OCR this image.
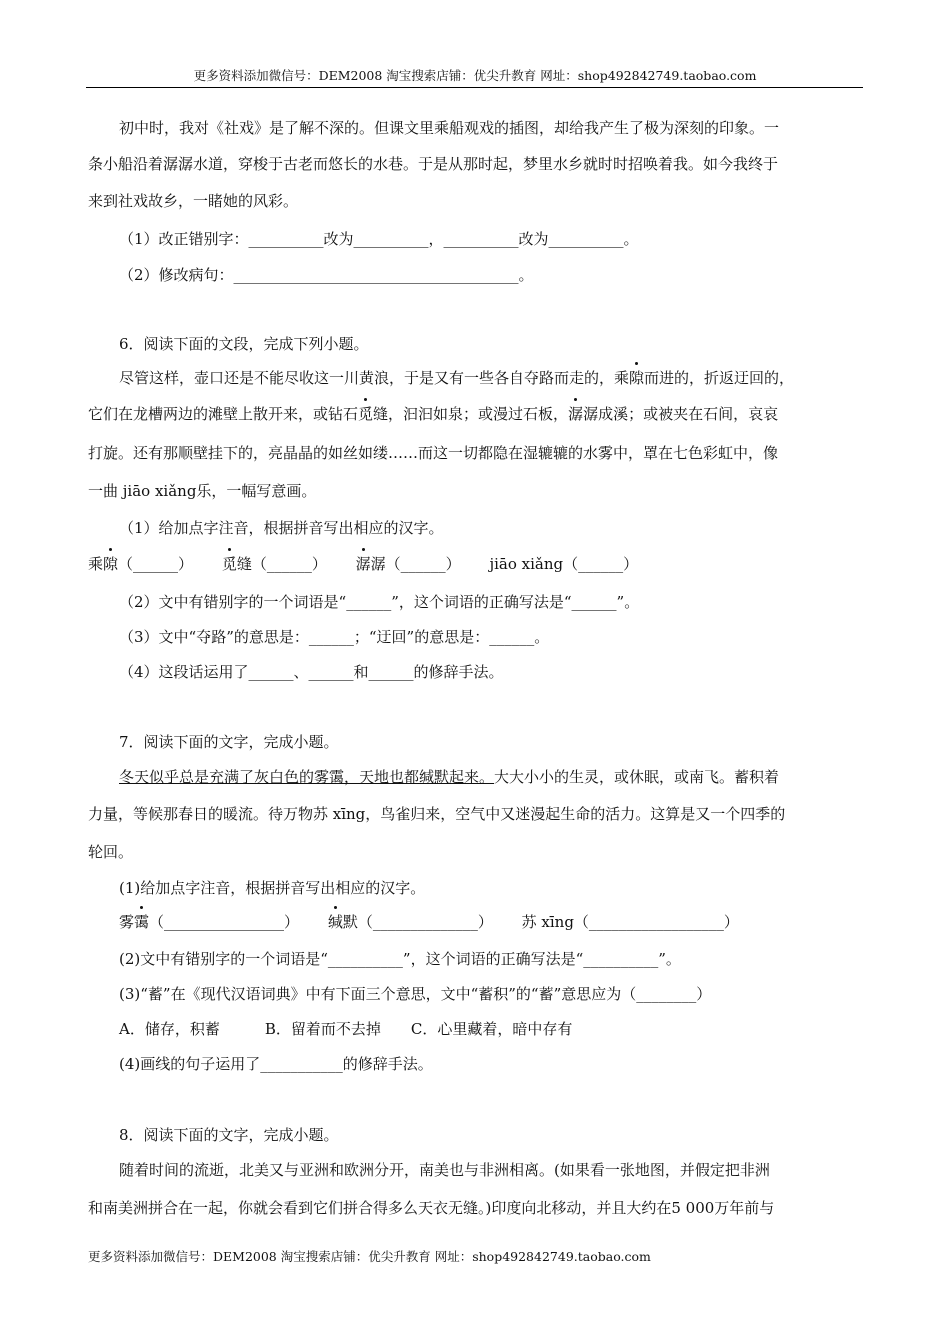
更多资料添加微信号：DEM2008 淘宝搜索店铺：优尖升教育 网址：shop492842749.taobao.com
初中时，我对《社戏》是了解不深的。但课文里乘船观戏的插图，却给我产生了极为深刻的印象。一
条小船沿着潺潺水道，穿梭于古老而悠长的水巷。于是从那时起，梦里水乡就时时招唤着我。如今我终于
来到社戏故乡，一睹她的风彩。
（1）改正错别字：__________改为__________，__________改为__________。
（2）修改病句：______________________________________。
6．阅读下面的文段，完成下列小题。
尽管这样，壶口还是不能尽收这一川黄浪，于是又有一些各自夺路而走的，乘隙而进的，折返迂回的，
它们在龙槽两边的滩壁上散开来，或钻石觅缝，汩汩如泉；或漫过石板，潺潺成溪；或被夹在石间，哀哀
打旋。还有那顺壁挂下的，亮晶晶的如丝如缕……而这一切都隐在湿辘辘的水雾中，罩在七色彩虹中，像
一曲 jiāo xiǎng乐，一幅写意画。
（1）给加点字注音，根据拼音写出相应的汉字。
乘隙（______） 觅缝（______） 潺潺（______） jiāo xiǎng（______）
（2）文中有错别字的一个词语是“______”，这个词语的正确写法是“______”。
（3）文中“夺路”的意思是：______；“迂回”的意思是：______。
（4）这段话运用了______、______和______的修辞手法。
7．阅读下面的文字，完成小题。
冬天似乎总是充满了灰白色的雾霭，天地也都缄默起来。大大小小的生灵，或休眠，或南飞。蓄积着
力量，等候那春日的暖流。待万物苏 xīng，鸟雀归来，空气中又迷漫起生命的活力。这算是又一个四季的
轮回。
(1)给加点字注音，根据拼音写出相应的汉字。
雾霭（________________） 缄默（______________） 苏 xīng（__________________）
(2)文中有错别字的一个词语是“__________”，这个词语的正确写法是“__________”。
(3)“蓄”在《现代汉语词典》中有下面三个意思，文中“蓄积”的“蓄”意思应为（________）
A．储存，积蓄　　　B．留着而不去掉　　C．心里藏着，暗中存有
(4)画线的句子运用了___________的修辞手法。
8．阅读下面的文字，完成小题。
随着时间的流逝，北美又与亚洲和欧洲分开，南美也与非洲相离。(如果看一张地图，并假定把非洲
和南美洲拼合在一起，你就会看到它们拼合得多么天衣无缝。)印度向北移动，并且大约在5 000万年前与
更多资料添加微信号：DEM2008 淘宝搜索店铺：优尖升教育 网址：shop492842749.taobao.com
